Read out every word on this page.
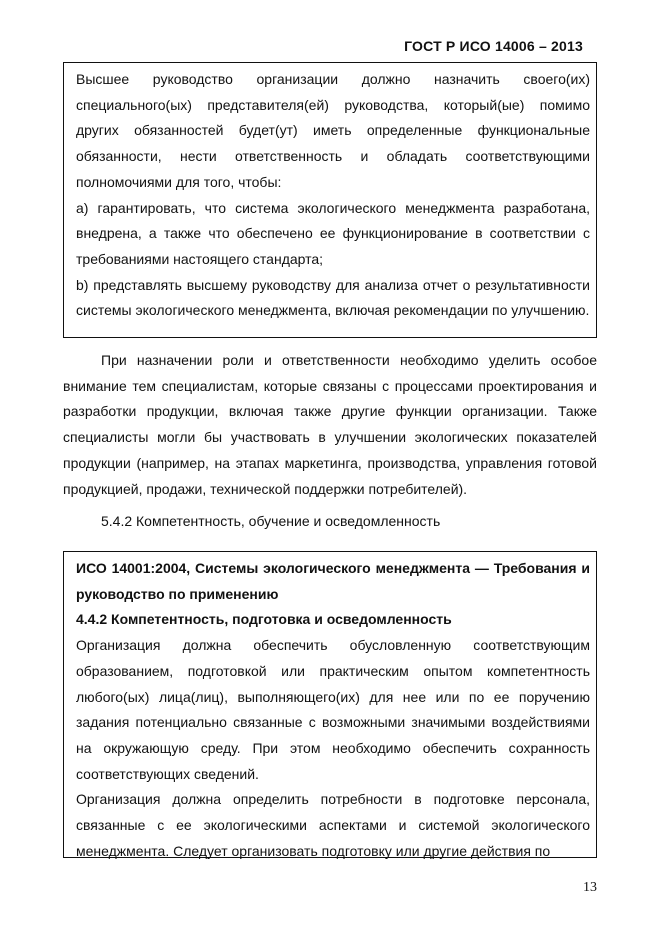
ГОСТ Р ИСО 14006 – 2013

Высшее руководство организации должно назначить своего(их) специального(ых) представителя(ей) руководства, который(ые) помимо других обязанностей будет(ут) иметь определенные функциональные обязанности, нести ответственность и обладать соответствующими полномочиями для того, чтобы:

а) гарантировать, что система экологического менеджмента разработана, внедрена, а также что обеспечено ее функционирование в соответствии с требованиями настоящего стандарта;

b) представлять высшему руководству для анализа отчет о результативности системы экологического менеджмента, включая рекомендации по улучшению.

При назначении роли и ответственности необходимо уделить особое внимание тем специалистам, которые связаны с процессами проектирования и разработки продукции, включая также другие функции организации. Также специалисты могли бы участвовать в улучшении экологических показателей продукции (например, на этапах маркетинга, производства, управления готовой продукцией, продажи, технической поддержки потребителей).

5.4.2 Компетентность, обучение и осведомленность

ИСО 14001:2004, Системы экологического менеджмента — Требования и руководство по применению

4.4.2 Компетентность, подготовка и осведомленность

Организация должна обеспечить обусловленную соответствующим образованием, подготовкой или практическим опытом компетентность любого(ых) лица(лиц), выполняющего(их) для нее или по ее поручению задания потенциально связанные с возможными значимыми воздействиями на окружающую среду. При этом необходимо обеспечить сохранность соответствующих сведений.

Организация должна определить потребности в подготовке персонала, связанные с ее экологическими аспектами и системой экологического менеджмента. Следует организовать подготовку или другие действия по

13
